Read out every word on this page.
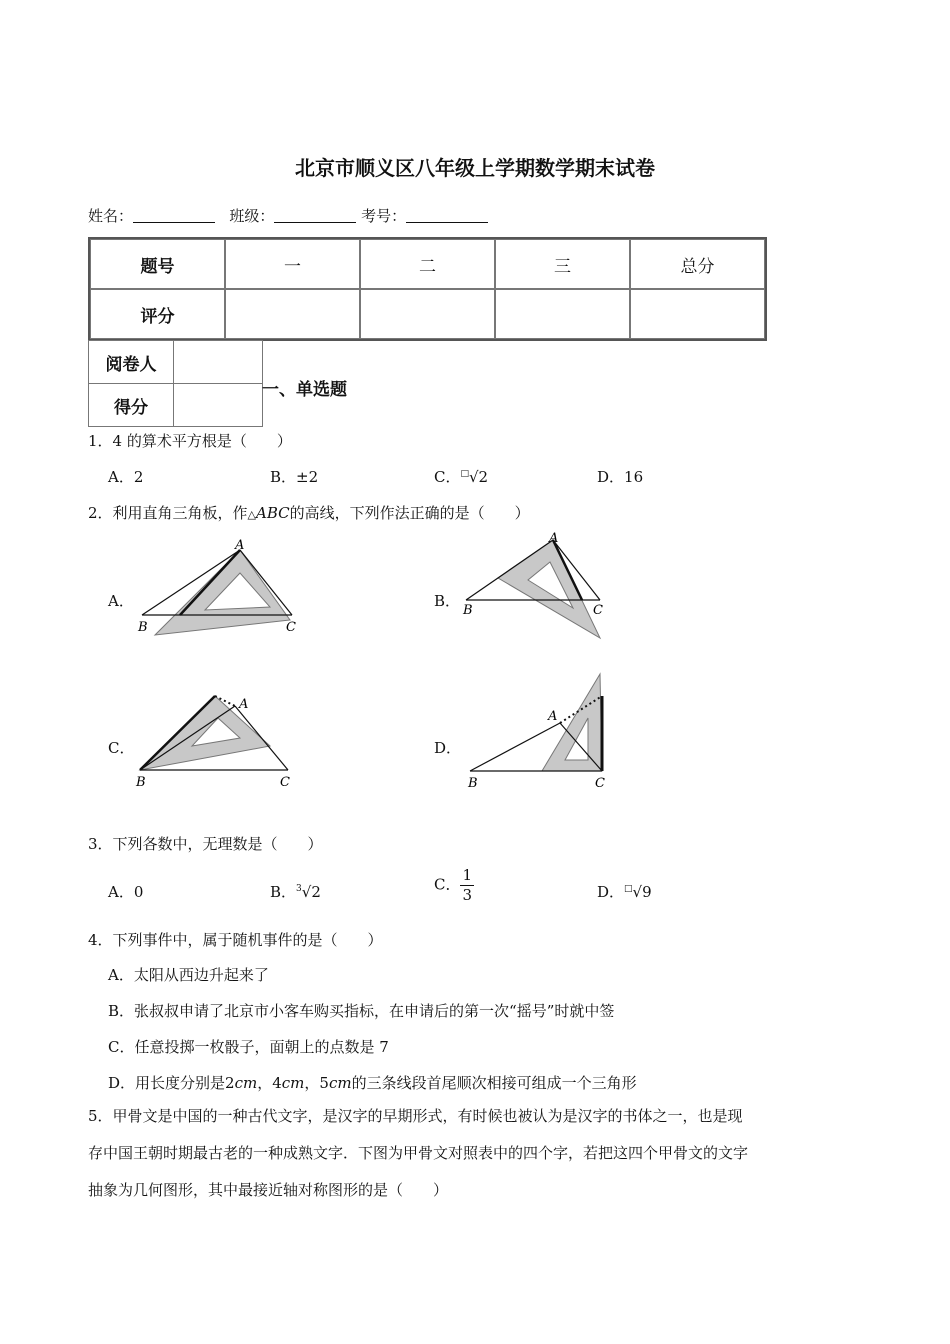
北京市顺义区八年级上学期数学期末试卷
姓名：	班级：	考号：
题号	一	二	三	总分
评分				
阅卷人	
得分	
一、单选题
1．4 的算术平方根是（　　）
A．2	B．±2	C．□√2	D．16
2．利用直角三角板，作△ABC的高线，下列作法正确的是（　　）
A．	B．
C．	D．
A
B	C
A
B	C
A
B	C
A
B	C
3．下列各数中，无理数是（　　）
A．0	B．$^3$√2	C． $\frac{1}{3}$	D．□√9
4．下列事件中，属于随机事件的是（　　）
A．太阳从西边升起来了
B．张叔叔申请了北京市小客车购买指标，在申请后的第一次“摇号”时就中签
C．任意投掷一枚骰子，面朝上的点数是 7
D．用长度分别是2cm，4cm，5cm的三条线段首尾顺次相接可组成一个三角形
5．甲骨文是中国的一种古代文字，是汉字的早期形式，有时候也被认为是汉字的书体之一，也是现
存中国王朝时期最古老的一种成熟文字．下图为甲骨文对照表中的四个字，若把这四个甲骨文的文字
抽象为几何图形，其中最接近轴对称图形的是（　　）
